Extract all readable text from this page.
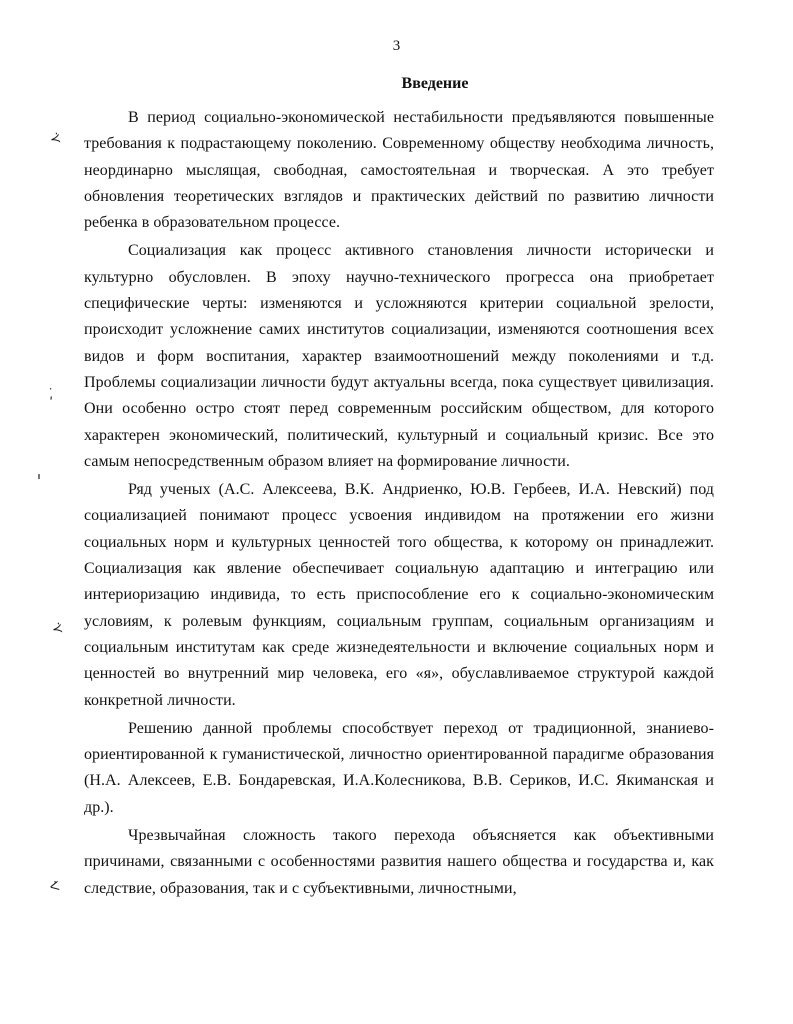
3
Введение
≺̇
⸲̇
≺̇
ᐸ̇

В период социально-экономической нестабильности предъявляются повышенные требования к подрастающему поколению. Современному обществу необходима личность, неординарно мыслящая, свободная, самостоятельная и творческая. А это требует обновления теоретических взглядов и практических действий по развитию личности ребенка в образовательном процессе.

Социализация как процесс активного становления личности исторически и культурно обусловлен. В эпоху научно-технического прогресса она приобретает специфические черты: изменяются и усложняются критерии социальной зрелости, происходит усложнение самих институтов социализации, изменяются соотношения всех видов и форм воспитания, характер взаимоотношений между поколениями и т.д. Проблемы социализации личности будут актуальны всегда, пока существует цивилизация. Они особенно остро стоят перед современным российским обществом, для которого характерен экономический, политический, культурный и социальный кризис. Все это самым непосредственным образом влияет на формирование личности.

Ряд ученых (А.С. Алексеева, В.К. Андриенко, Ю.В. Гербеев, И.А. Невский) под социализацией понимают процесс усвоения индивидом на протяжении его жизни социальных норм и культурных ценностей того общества, к которому он принадлежит. Социализация как явление обеспечивает социальную адаптацию и интеграцию или интериоризацию индивида, то есть приспособление его к социально-экономическим условиям, к ролевым функциям, социальным группам, социальным организациям и социальным институтам как среде жизнедеятельности и включение социальных норм и ценностей во внутренний мир человека, его «я», обуславливаемое структурой каждой конкретной личности.

Решению данной проблемы способствует переход от традиционной, знаниево-ориентированной к гуманистической, личностно ориентированной парадигме образования (Н.А. Алексеев, Е.В. Бондаревская, И.А.Колесникова, В.В. Сериков, И.С. Якиманская и др.).

Чрезвычайная сложность такого перехода объясняется как объективными причинами, связанными с особенностями развития нашего общества и государства и, как следствие, образования, так и с субъективными, личностными,
